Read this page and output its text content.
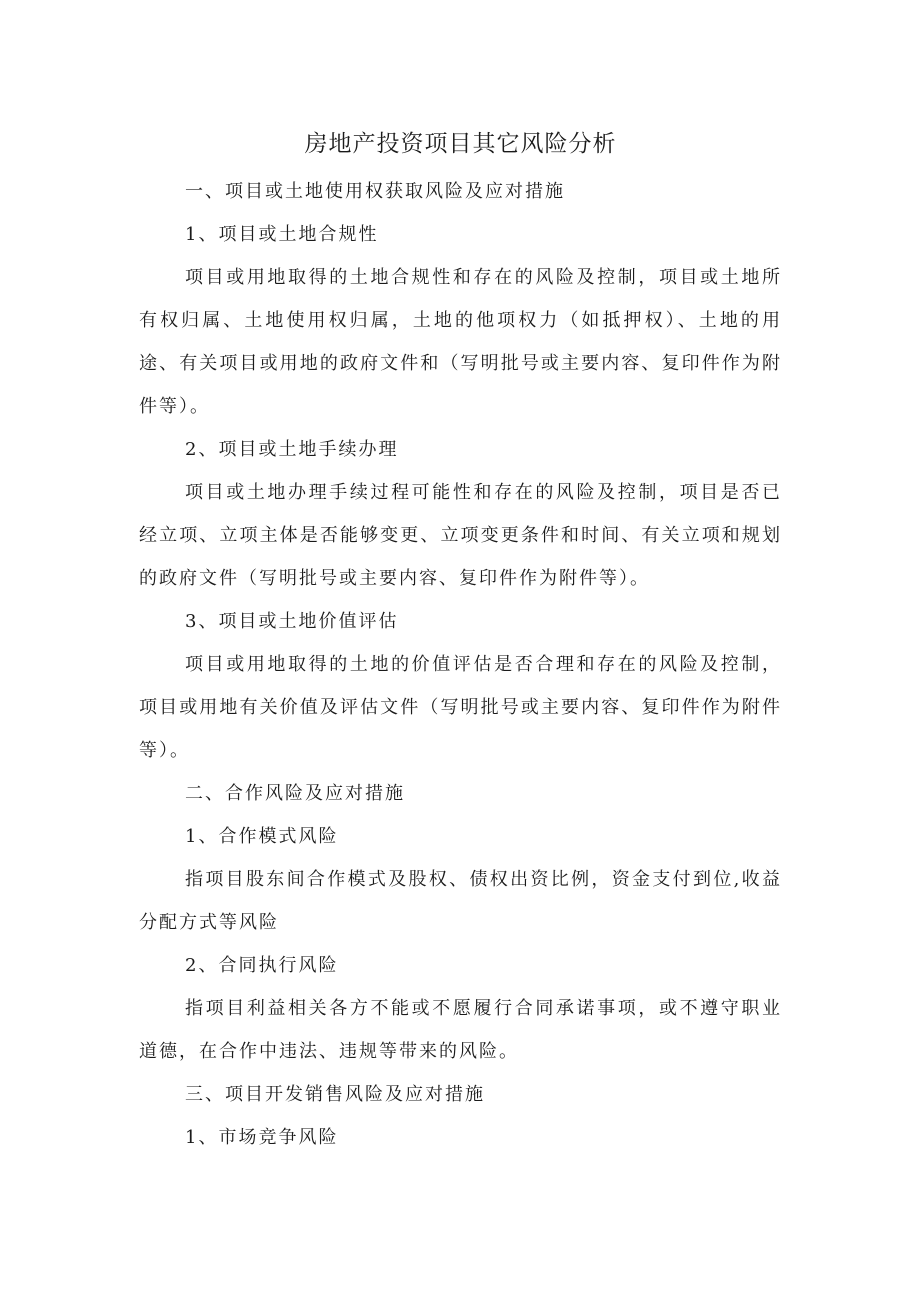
房地产投资项目其它风险分析

一、项目或土地使用权获取风险及应对措施

1、项目或土地合规性

项目或用地取得的土地合规性和存在的风险及控制，项目或土地所有权归属、土地使用权归属，土地的他项权力（如抵押权）、土地的用途、有关项目或用地的政府文件和（写明批号或主要内容、复印件作为附件等）。

2、项目或土地手续办理

项目或土地办理手续过程可能性和存在的风险及控制，项目是否已经立项、立项主体是否能够变更、立项变更条件和时间、有关立项和规划的政府文件（写明批号或主要内容、复印件作为附件等）。

3、项目或土地价值评估

项目或用地取得的土地的价值评估是否合理和存在的风险及控制，项目或用地有关价值及评估文件（写明批号或主要内容、复印件作为附件等）。

二、合作风险及应对措施

1、合作模式风险

指项目股东间合作模式及股权、债权出资比例，资金支付到位,收益分配方式等风险

2、合同执行风险

指项目利益相关各方不能或不愿履行合同承诺事项，或不遵守职业道德，在合作中违法、违规等带来的风险。

三、项目开发销售风险及应对措施

1、市场竞争风险
